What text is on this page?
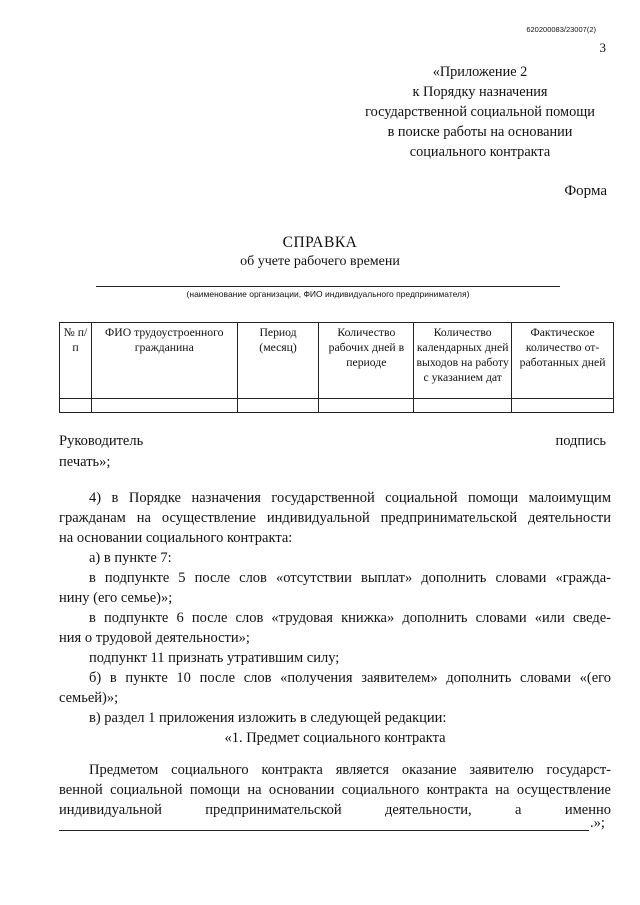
620200083/23007(2)
3
«Приложение 2
к Порядку назначения
государственной социальной помощи
в поиске работы на основании
социального контракта
Форма
СПРАВКА
об учете рабочего времени
(наименование организации, ФИО индивидуального предпринимателя)
№ п/п	ФИО трудоустроенного гражданина	Период (месяц)	Количество рабочих дней в периоде	Количество календарных дней выходов на работу с указанием дат	Фактическое количество от-работанных дней

Руководитель	подпись
печать»;
4) в Порядке назначения государственной социальной помощи малоимущим
гражданам на осуществление индивидуальной предпринимательской деятельности
на основании социального контракта:
а) в пункте 7:
в подпункте 5 после слов «отсутствии выплат» дополнить словами «гражда-
нину (его семье)»;
в подпункте 6 после слов «трудовая книжка» дополнить словами «или сведе-
ния о трудовой деятельности»;
подпункт 11 признать утратившим силу;
б) в пункте 10 после слов «получения заявителем» дополнить словами «(его
семьей)»;
в) раздел 1 приложения изложить в следующей редакции:
«1. Предмет социального контракта
Предметом социального контракта является оказание заявителю государст-
венной социальной помощи на основании социального контракта на осуществление
индивидуальной предпринимательской деятельности, а именно
.»;
